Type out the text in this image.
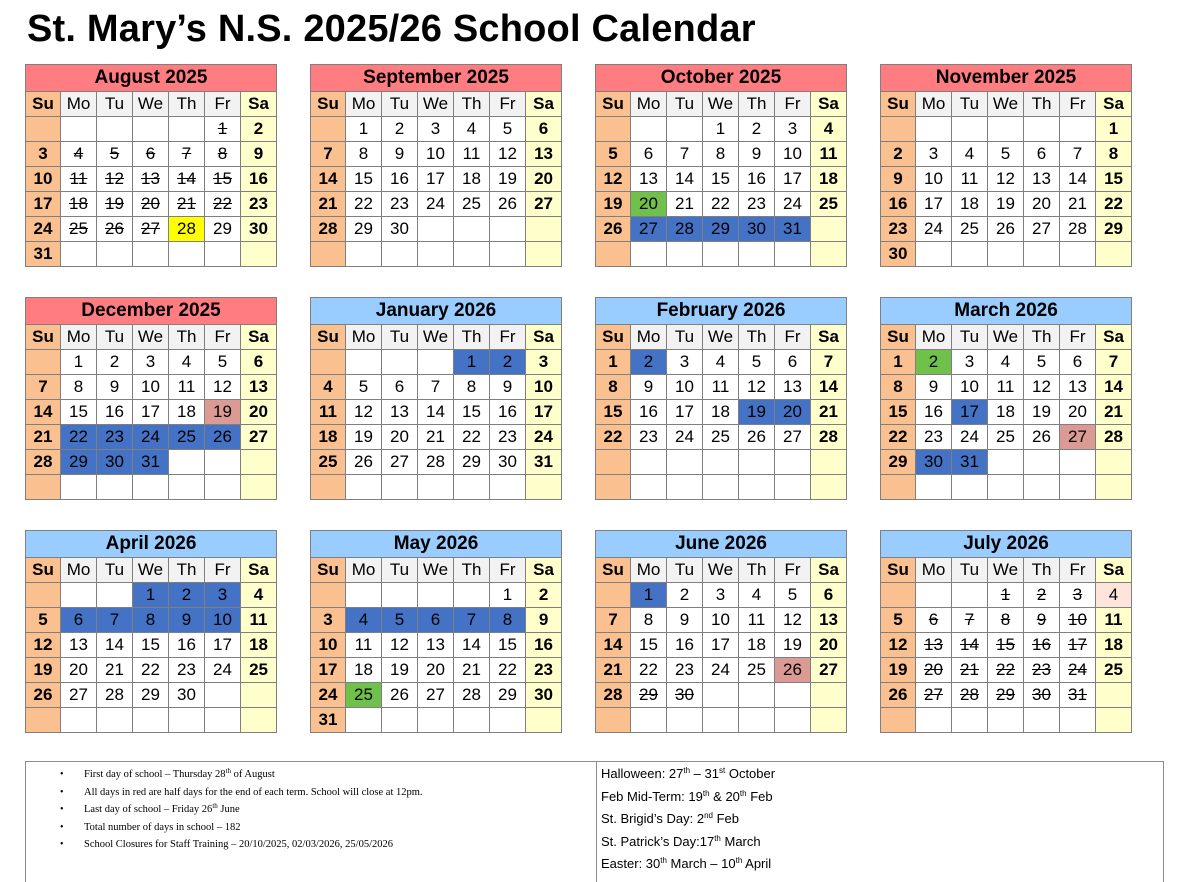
St. Mary’s N.S. 2025/26 School Calendar
August 2025						
Su	Mo	Tu	We	Th	Fr	Sa
					1	2
3	4	5	6	7	8	9
10	11	12	13	14	15	16
17	18	19	20	21	22	23
24	25	26	27	28	29	30
31						
September 2025						
Su	Mo	Tu	We	Th	Fr	Sa
	1	2	3	4	5	6
7	8	9	10	11	12	13
14	15	16	17	18	19	20
21	22	23	24	25	26	27
28	29	30				

October 2025						
Su	Mo	Tu	We	Th	Fr	Sa
			1	2	3	4
5	6	7	8	9	10	11
12	13	14	15	16	17	18
19	20	21	22	23	24	25
26	27	28	29	30	31	

November 2025						
Su	Mo	Tu	We	Th	Fr	Sa
						1
2	3	4	5	6	7	8
9	10	11	12	13	14	15
16	17	18	19	20	21	22
23	24	25	26	27	28	29
30						
December 2025						
Su	Mo	Tu	We	Th	Fr	Sa
	1	2	3	4	5	6
7	8	9	10	11	12	13
14	15	16	17	18	19	20
21	22	23	24	25	26	27
28	29	30	31			

January 2026						
Su	Mo	Tu	We	Th	Fr	Sa
				1	2	3
4	5	6	7	8	9	10
11	12	13	14	15	16	17
18	19	20	21	22	23	24
25	26	27	28	29	30	31

February 2026						
Su	Mo	Tu	We	Th	Fr	Sa
1	2	3	4	5	6	7
8	9	10	11	12	13	14
15	16	17	18	19	20	21
22	23	24	25	26	27	28

March 2026						
Su	Mo	Tu	We	Th	Fr	Sa
1	2	3	4	5	6	7
8	9	10	11	12	13	14
15	16	17	18	19	20	21
22	23	24	25	26	27	28
29	30	31				

April 2026						
Su	Mo	Tu	We	Th	Fr	Sa
			1	2	3	4
5	6	7	8	9	10	11
12	13	14	15	16	17	18
19	20	21	22	23	24	25
26	27	28	29	30		

May 2026						
Su	Mo	Tu	We	Th	Fr	Sa
					1	2
3	4	5	6	7	8	9
10	11	12	13	14	15	16
17	18	19	20	21	22	23
24	25	26	27	28	29	30
31						
June 2026						
Su	Mo	Tu	We	Th	Fr	Sa
	1	2	3	4	5	6
7	8	9	10	11	12	13
14	15	16	17	18	19	20
21	22	23	24	25	26	27
28	29	30				

July 2026						
Su	Mo	Tu	We	Th	Fr	Sa
			1	2	3	4
5	6	7	8	9	10	11
12	13	14	15	16	17	18
19	20	21	22	23	24	25
26	27	28	29	30	31	

• First day of school – Thursday 28th of August
• All days in red are half days for the end of each term. School will close at 12pm.
• Last day of school – Friday 26th June
• Total number of days in school – 182
• School Closures for Staff Training – 20/10/2025, 02/03/2026, 25/05/2026
Halloween: 27th – 31st October
Feb Mid-Term: 19th & 20th Feb
St. Brigid’s Day: 2nd Feb
St. Patrick’s Day:17th March
Easter: 30th March – 10th April
